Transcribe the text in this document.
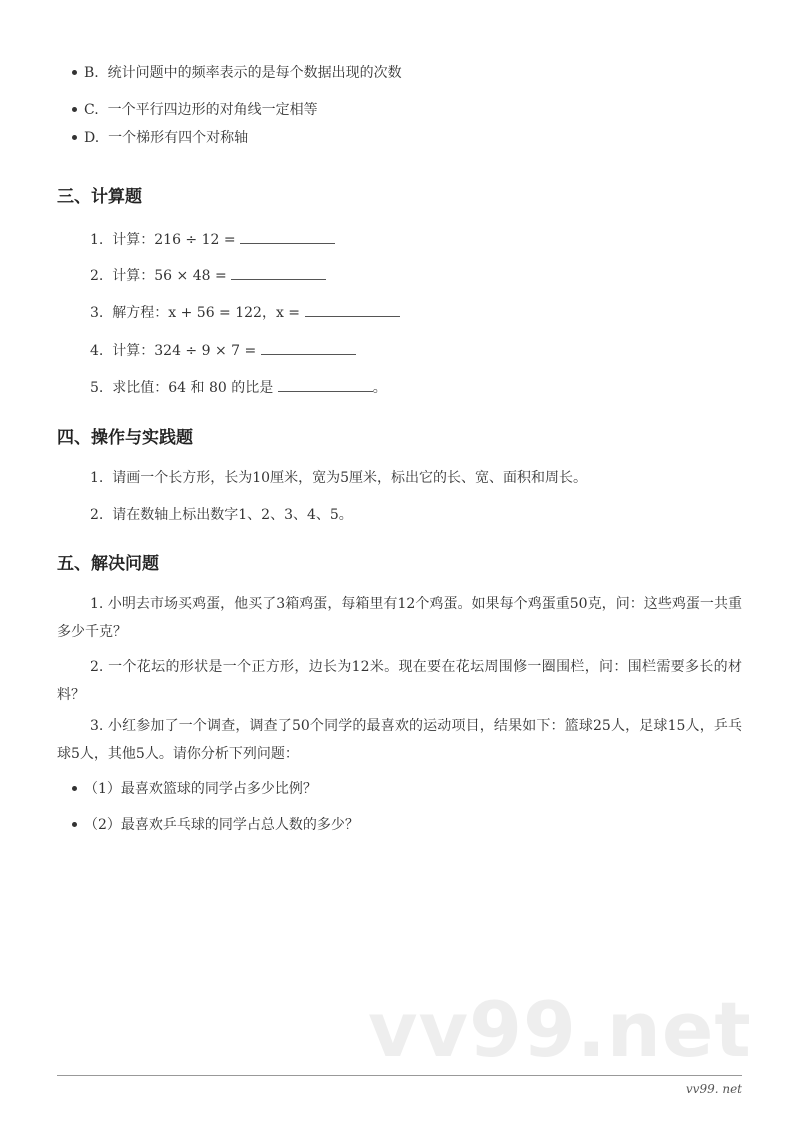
B. 统计问题中的频率表示的是每个数据出现的次数
C. 一个平行四边形的对角线一定相等
D. 一个梯形有四个对称轴
三、计算题
1. 计算：216 ÷ 12 =
2. 计算：56 × 48 =
3. 解方程：x + 56 = 122，x =
4. 计算：324 ÷ 9 × 7 =
5. 求比值：64 和 80 的比是	。
四、操作与实践题
1. 请画一个长方形，长为10厘米，宽为5厘米，标出它的长、宽、面积和周长。
2. 请在数轴上标出数字1、2、3、4、5。
五、解决问题
1. 小明去市场买鸡蛋，他买了3箱鸡蛋，每箱里有12个鸡蛋。如果每个鸡蛋重50克，问：这些鸡蛋一共重多少千克？
2. 一个花坛的形状是一个正方形，边长为12米。现在要在花坛周围修一圈围栏，问：围栏需要多长的材料？
3. 小红参加了一个调查，调查了50个同学的最喜欢的运动项目，结果如下：篮球25人，足球15人，乒乓球5人，其他5人。请你分析下列问题：
（1）最喜欢篮球的同学占多少比例？
（2）最喜欢乒乓球的同学占总人数的多少？
vv99.net
vv99. net
